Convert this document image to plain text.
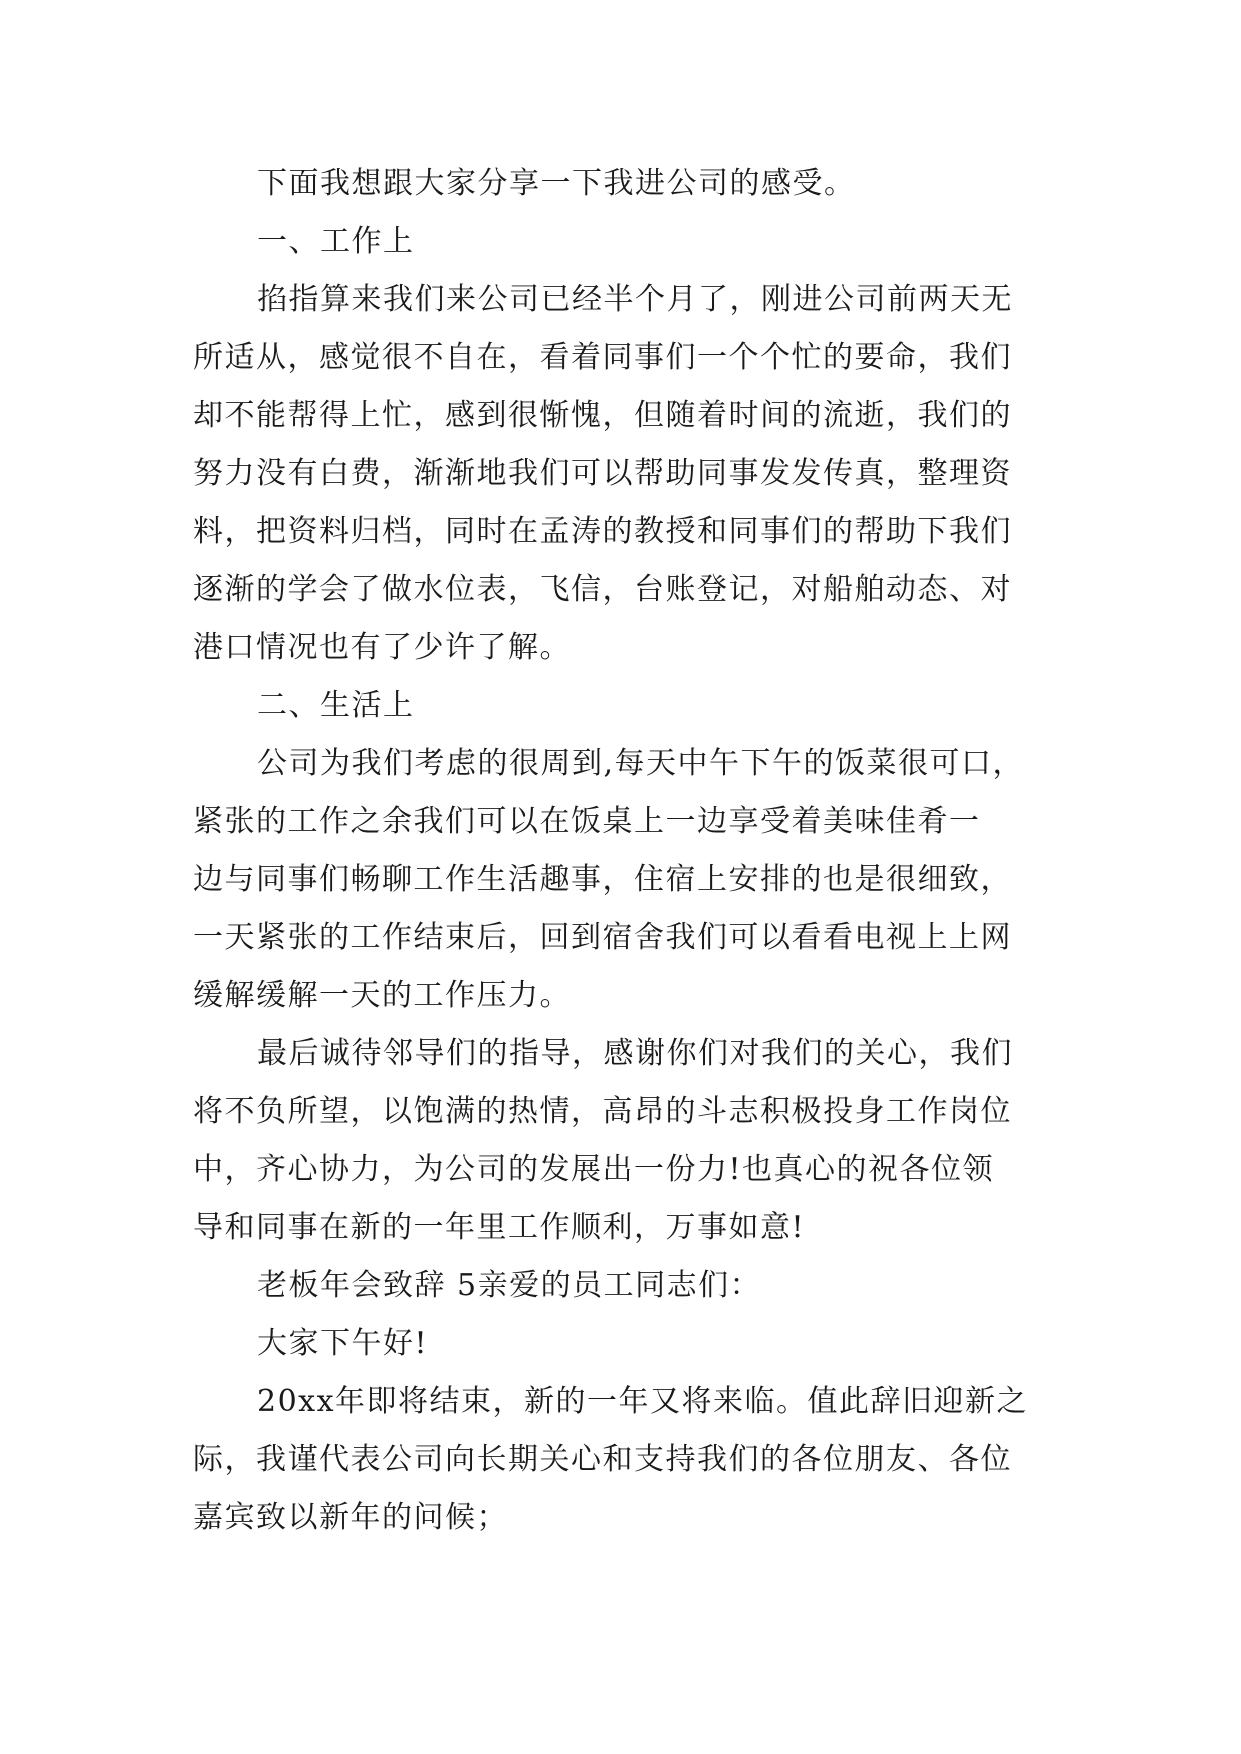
下面我想跟大家分享一下我进公司的感受。
一、工作上
掐指算来我们来公司已经半个月了，刚进公司前两天无
所适从，感觉很不自在，看着同事们一个个忙的要命，我们
却不能帮得上忙，感到很惭愧，但随着时间的流逝，我们的
努力没有白费，渐渐地我们可以帮助同事发发传真，整理资
料，把资料归档，同时在孟涛的教授和同事们的帮助下我们
逐渐的学会了做水位表，飞信，台账登记，对船舶动态、对
港口情况也有了少许了解。
二、生活上
公司为我们考虑的很周到,每天中午下午的饭菜很可口，
紧张的工作之余我们可以在饭桌上一边享受着美味佳肴一
边与同事们畅聊工作生活趣事，住宿上安排的也是很细致，
一天紧张的工作结束后，回到宿舍我们可以看看电视上上网
缓解缓解一天的工作压力。
最后诚待邻导们的指导，感谢你们对我们的关心，我们
将不负所望，以饱满的热情，高昂的斗志积极投身工作岗位
中，齐心协力，为公司的发展出一份力!也真心的祝各位领
导和同事在新的一年里工作顺利，万事如意!
老板年会致辞 5亲爱的员工同志们：
大家下午好!
20xx年即将结束，新的一年又将来临。值此辞旧迎新之
际，我谨代表公司向长期关心和支持我们的各位朋友、各位
嘉宾致以新年的问候；
